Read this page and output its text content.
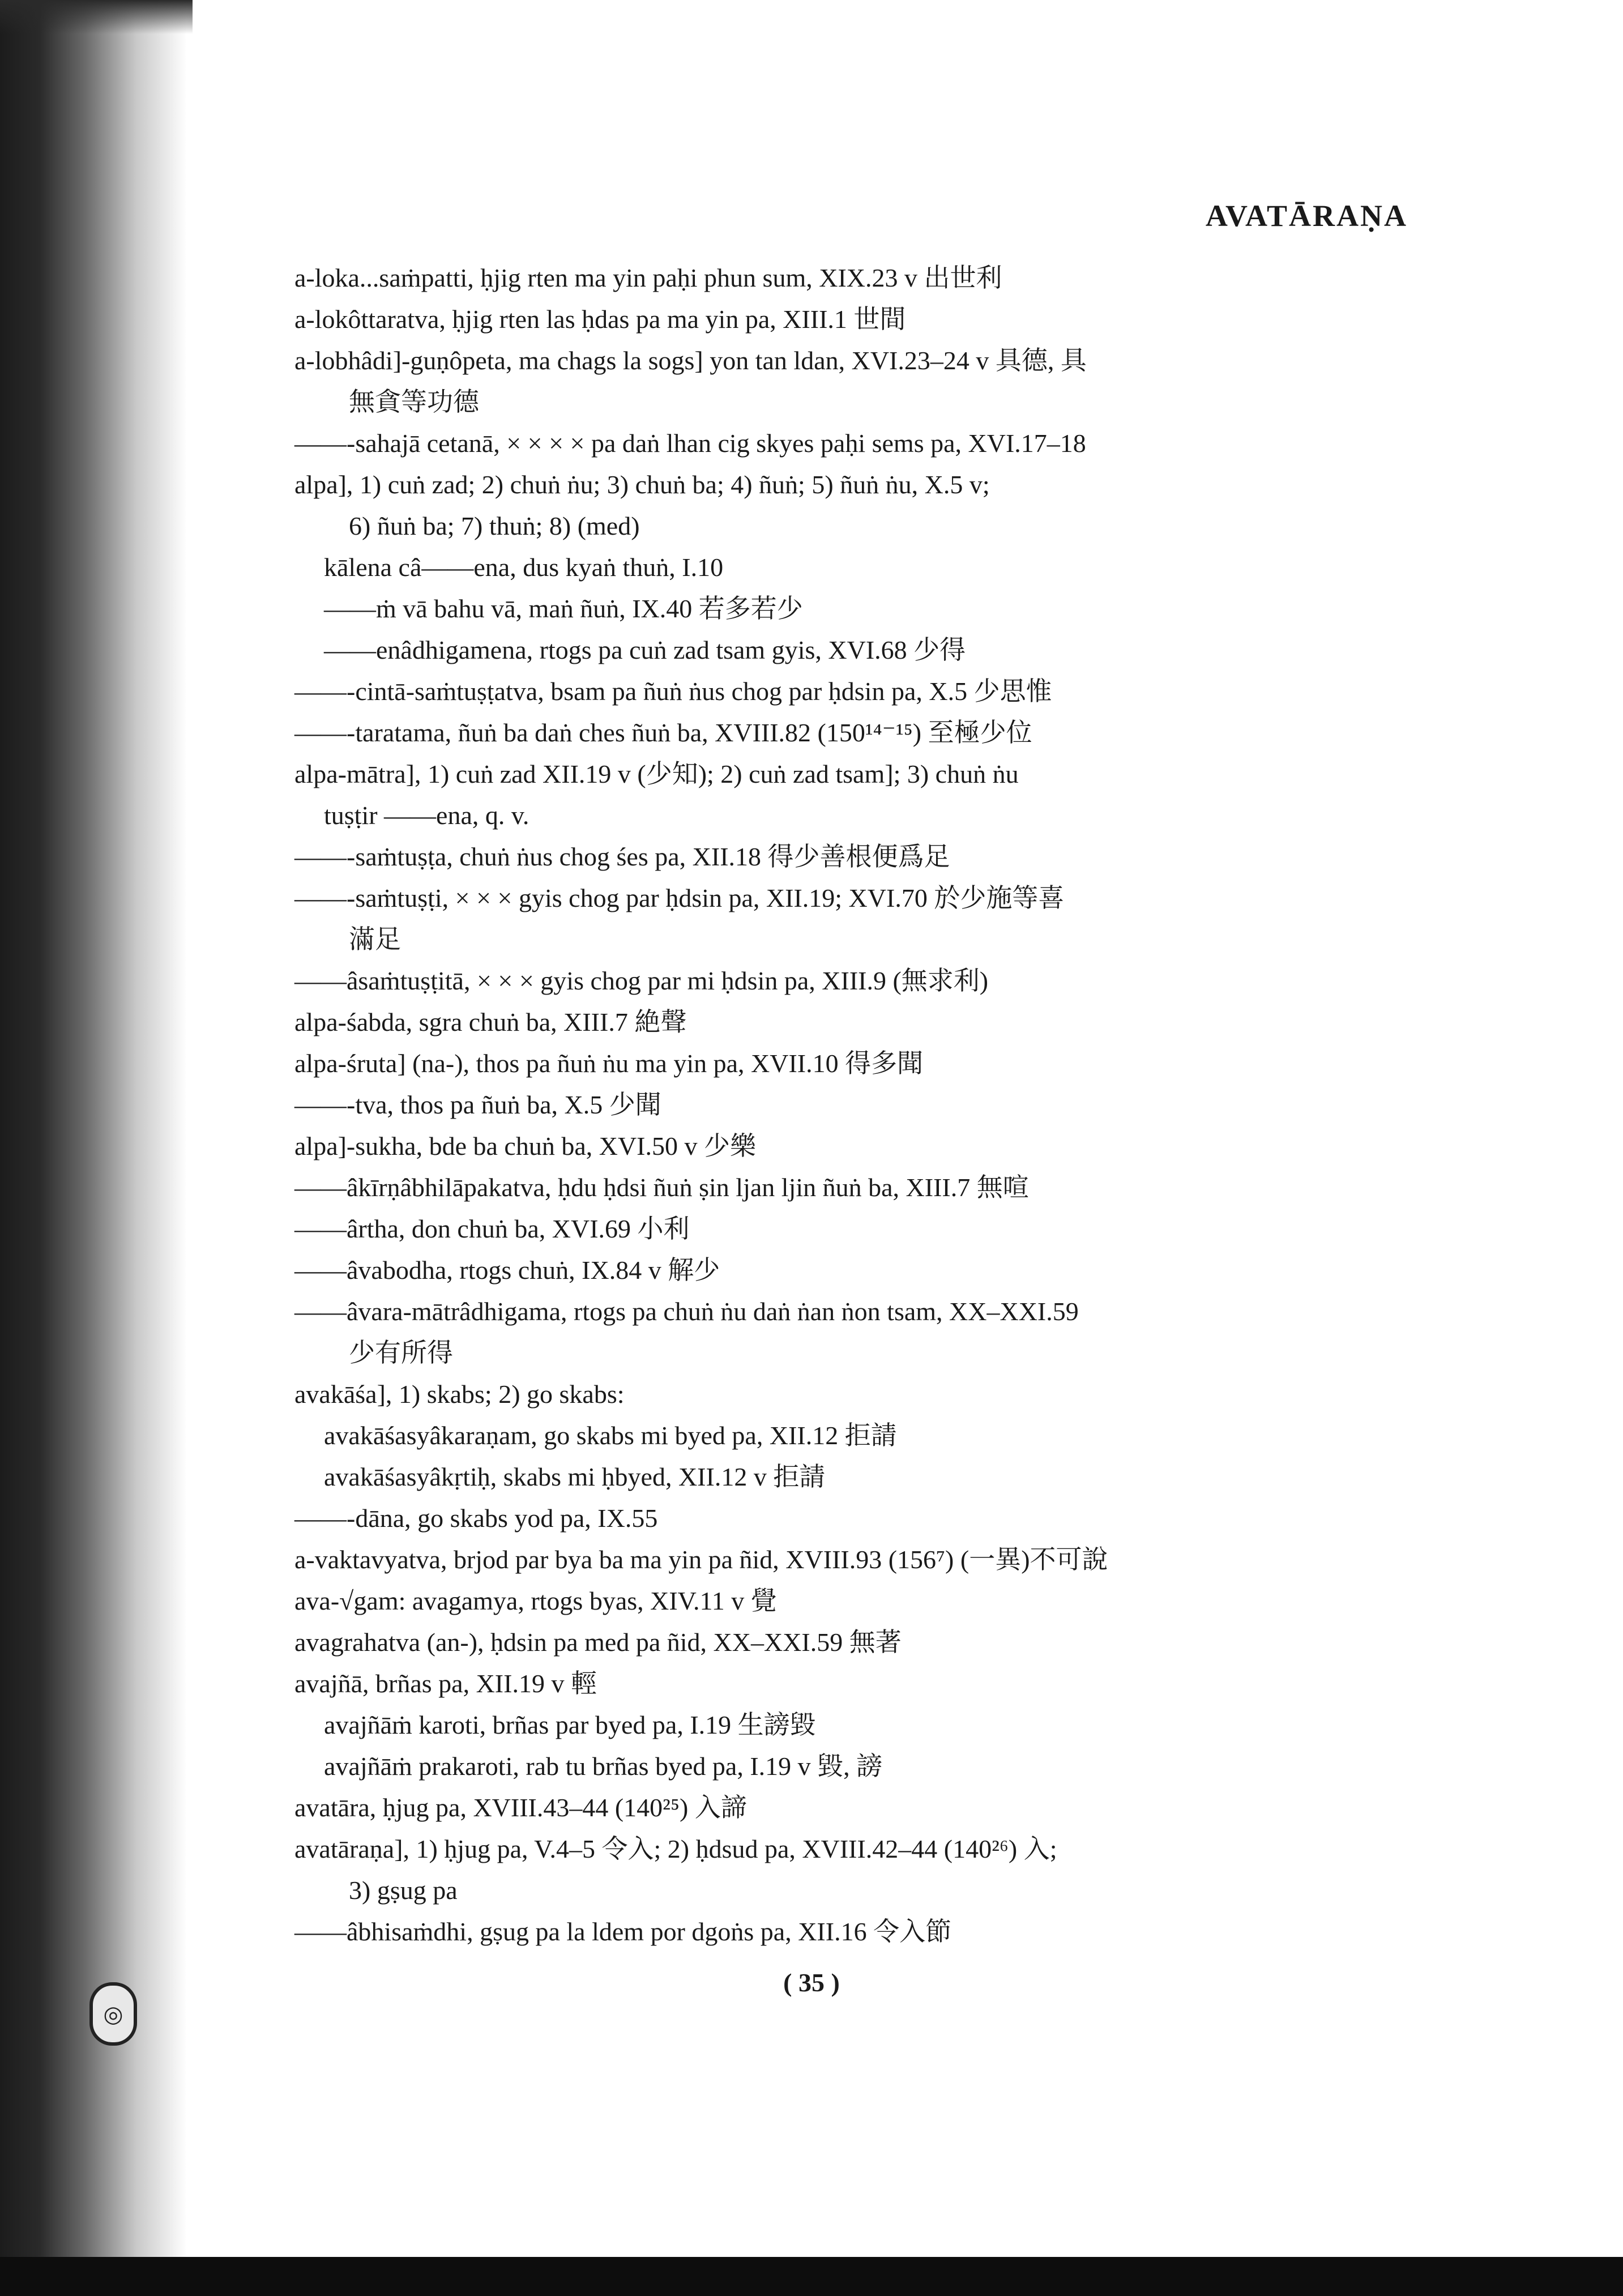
◎
AVATĀRAṆA
a-loka...saṁpatti, ḥjig rten ma yin paḥi phun sum, XIX.23 v 出世利
a-lokôttaratva, ḥjig rten las ḥdas pa ma yin pa, XIII.1 世間
a-lobhâdi]-guṇôpeta, ma chags la sogs] yon tan ldan, XVI.23–24 v 具德, 具
無貪等功德
——-sahajā cetanā, × × × × pa daṅ lhan cig skyes paḥi sems pa, XVI.17–18
alpa], 1) cuṅ zad; 2) chuṅ ṅu; 3) chuṅ ba; 4) ñuṅ; 5) ñuṅ ṅu, X.5 v;
6) ñuṅ ba; 7) thuṅ; 8) (med)
kālena câ——ena, dus kyaṅ thuṅ, I.10
——ṁ vā bahu vā, maṅ ñuṅ, IX.40 若多若少
——enâdhigamena, rtogs pa cuṅ zad tsam gyis, XVI.68 少得
——-cintā-saṁtuṣṭatva, bsam pa ñuṅ ṅus chog par ḥdsin pa, X.5 少思惟
——-taratama, ñuṅ ba daṅ ches ñuṅ ba, XVIII.82 (150¹⁴⁻¹⁵) 至極少位
alpa-mātra], 1) cuṅ zad XII.19 v (少知); 2) cuṅ zad tsam]; 3) chuṅ ṅu
tuṣṭir ——ena, q. v.
——-saṁtuṣṭa, chuṅ ṅus chog śes pa, XII.18 得少善根便爲足
——-saṁtuṣṭi, × × × gyis chog par ḥdsin pa, XII.19; XVI.70 於少施等喜
滿足
——âsaṁtuṣṭitā, × × × gyis chog par mi ḥdsin pa, XIII.9 (無求利)
alpa-śabda, sgra chuṅ ba, XIII.7 絶聲
alpa-śruta] (na-), thos pa ñuṅ ṅu ma yin pa, XVII.10 得多聞
——-tva, thos pa ñuṅ ba, X.5 少聞
alpa]-sukha, bde ba chuṅ ba, XVI.50 v 少樂
——âkīrṇâbhilāpakatva, ḥdu ḥdsi ñuṅ ṣin ljan ljin ñuṅ ba, XIII.7 無喧
——ârtha, don chuṅ ba, XVI.69 小利
——âvabodha, rtogs chuṅ, IX.84 v 解少
——âvara-mātrâdhigama, rtogs pa chuṅ ṅu daṅ ṅan ṅon tsam, XX–XXI.59
少有所得
avakāśa], 1) skabs; 2) go skabs:
avakāśasyâkaraṇam, go skabs mi byed pa, XII.12 拒請
avakāśasyâkṛtiḥ, skabs mi ḥbyed, XII.12 v 拒請
——-dāna, go skabs yod pa, IX.55
a-vaktavyatva, brjod par bya ba ma yin pa ñid, XVIII.93 (156⁷) (一異)不可說
ava-√gam: avagamya, rtogs byas, XIV.11 v 覺
avagrahatva (an-), ḥdsin pa med pa ñid, XX–XXI.59 無著
avajñā, brñas pa, XII.19 v 輕
avajñāṁ karoti, brñas par byed pa, I.19 生謗毀
avajñāṁ prakaroti, rab tu brñas byed pa, I.19 v 毀, 謗
avatāra, ḥjug pa, XVIII.43–44 (140²⁵) 入諦
avatāraṇa], 1) ḥjug pa, V.4–5 令入; 2) ḥdsud pa, XVIII.42–44 (140²⁶) 入;
3) gṣug pa
——âbhisaṁdhi, gṣug pa la ldem por dgoṅs pa, XII.16 令入節
( 35 )
